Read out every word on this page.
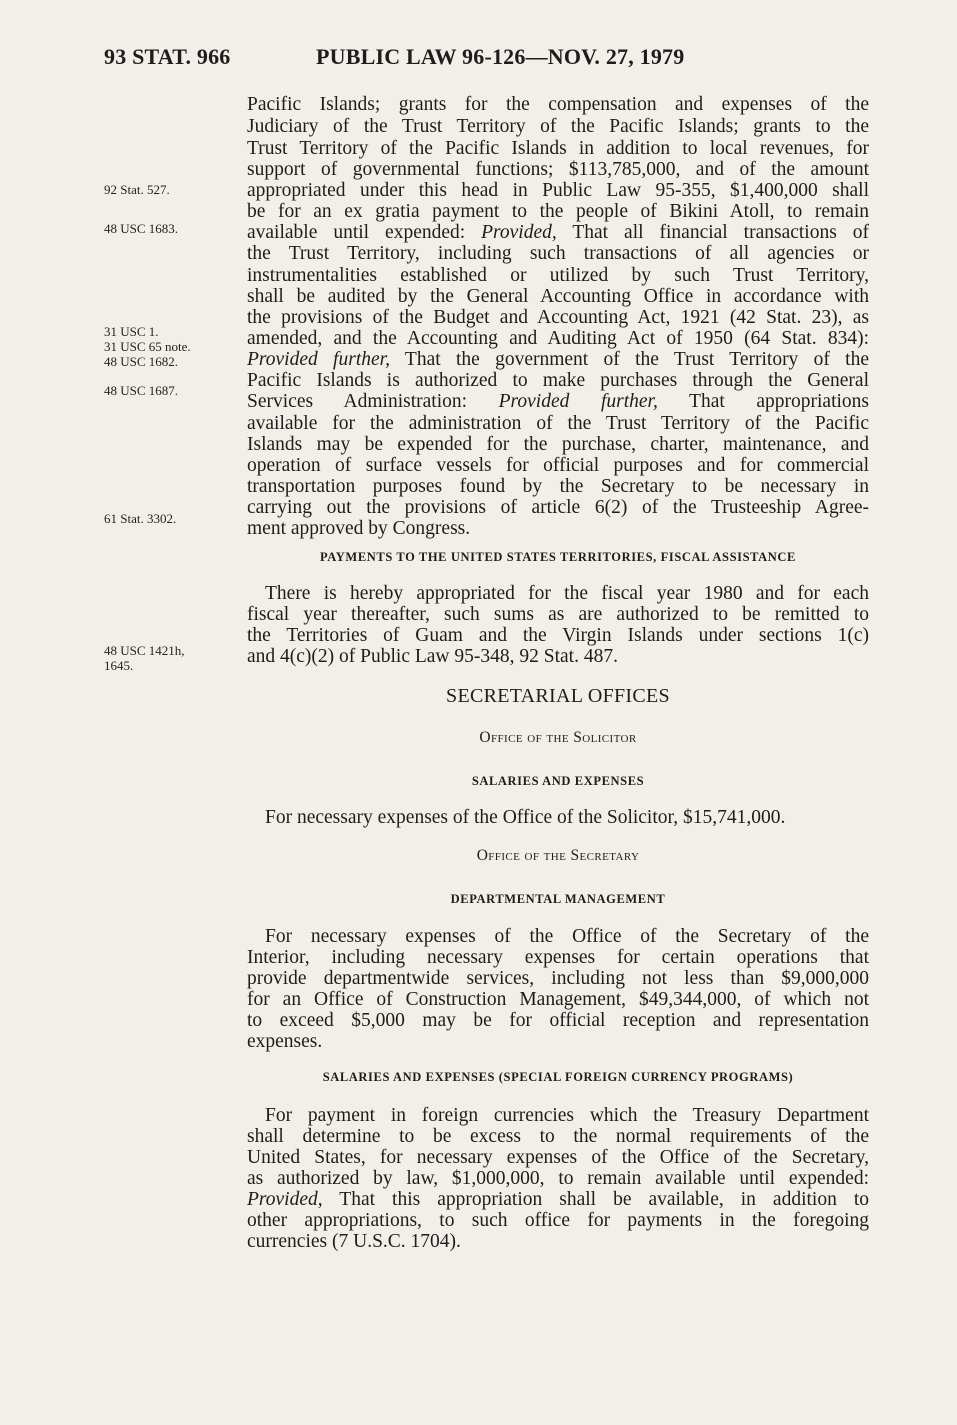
93 STAT. 966	PUBLIC LAW 96-126—NOV. 27, 1979
92 Stat. 527.
48 USC 1683.
31 USC 1.
31 USC 65 note.
48 USC 1682.
48 USC 1687.
61 Stat. 3302.
48 USC 1421h,
1645.
Pacific Islands; grants for the compensation and expenses of the
Judiciary of the Trust Territory of the Pacific Islands; grants to the
Trust Territory of the Pacific Islands in addition to local revenues, for
support of governmental functions; $113,785,000, and of the amount
appropriated under this head in Public Law 95-355, $1,400,000 shall
be for an ex gratia payment to the people of Bikini Atoll, to remain
available until expended: Provided, That all financial transactions of
the Trust Territory, including such transactions of all agencies or
instrumentalities established or utilized by such Trust Territory,
shall be audited by the General Accounting Office in accordance with
the provisions of the Budget and Accounting Act, 1921 (42 Stat. 23), as
amended, and the Accounting and Auditing Act of 1950 (64 Stat. 834):
Provided further, That the government of the Trust Territory of the
Pacific Islands is authorized to make purchases through the General
Services Administration: Provided further, That appropriations
available for the administration of the Trust Territory of the Pacific
Islands may be expended for the purchase, charter, maintenance, and
operation of surface vessels for official purposes and for commercial
transportation purposes found by the Secretary to be necessary in
carrying out the provisions of article 6(2) of the Trusteeship Agree-
ment approved by Congress.
PAYMENTS TO THE UNITED STATES TERRITORIES, FISCAL ASSISTANCE
There is hereby appropriated for the fiscal year 1980 and for each
fiscal year thereafter, such sums as are authorized to be remitted to
the Territories of Guam and the Virgin Islands under sections 1(c)
and 4(c)(2) of Public Law 95-348, 92 Stat. 487.
SECRETARIAL OFFICES
Office of the Solicitor
SALARIES AND EXPENSES
For necessary expenses of the Office of the Solicitor, $15,741,000.
Office of the Secretary
DEPARTMENTAL MANAGEMENT
For necessary expenses of the Office of the Secretary of the
Interior, including necessary expenses for certain operations that
provide departmentwide services, including not less than $9,000,000
for an Office of Construction Management, $49,344,000, of which not
to exceed $5,000 may be for official reception and representation
expenses.
SALARIES AND EXPENSES (SPECIAL FOREIGN CURRENCY PROGRAMS)
For payment in foreign currencies which the Treasury Department
shall determine to be excess to the normal requirements of the
United States, for necessary expenses of the Office of the Secretary,
as authorized by law, $1,000,000, to remain available until expended:
Provided, That this appropriation shall be available, in addition to
other appropriations, to such office for payments in the foregoing
currencies (7 U.S.C. 1704).
